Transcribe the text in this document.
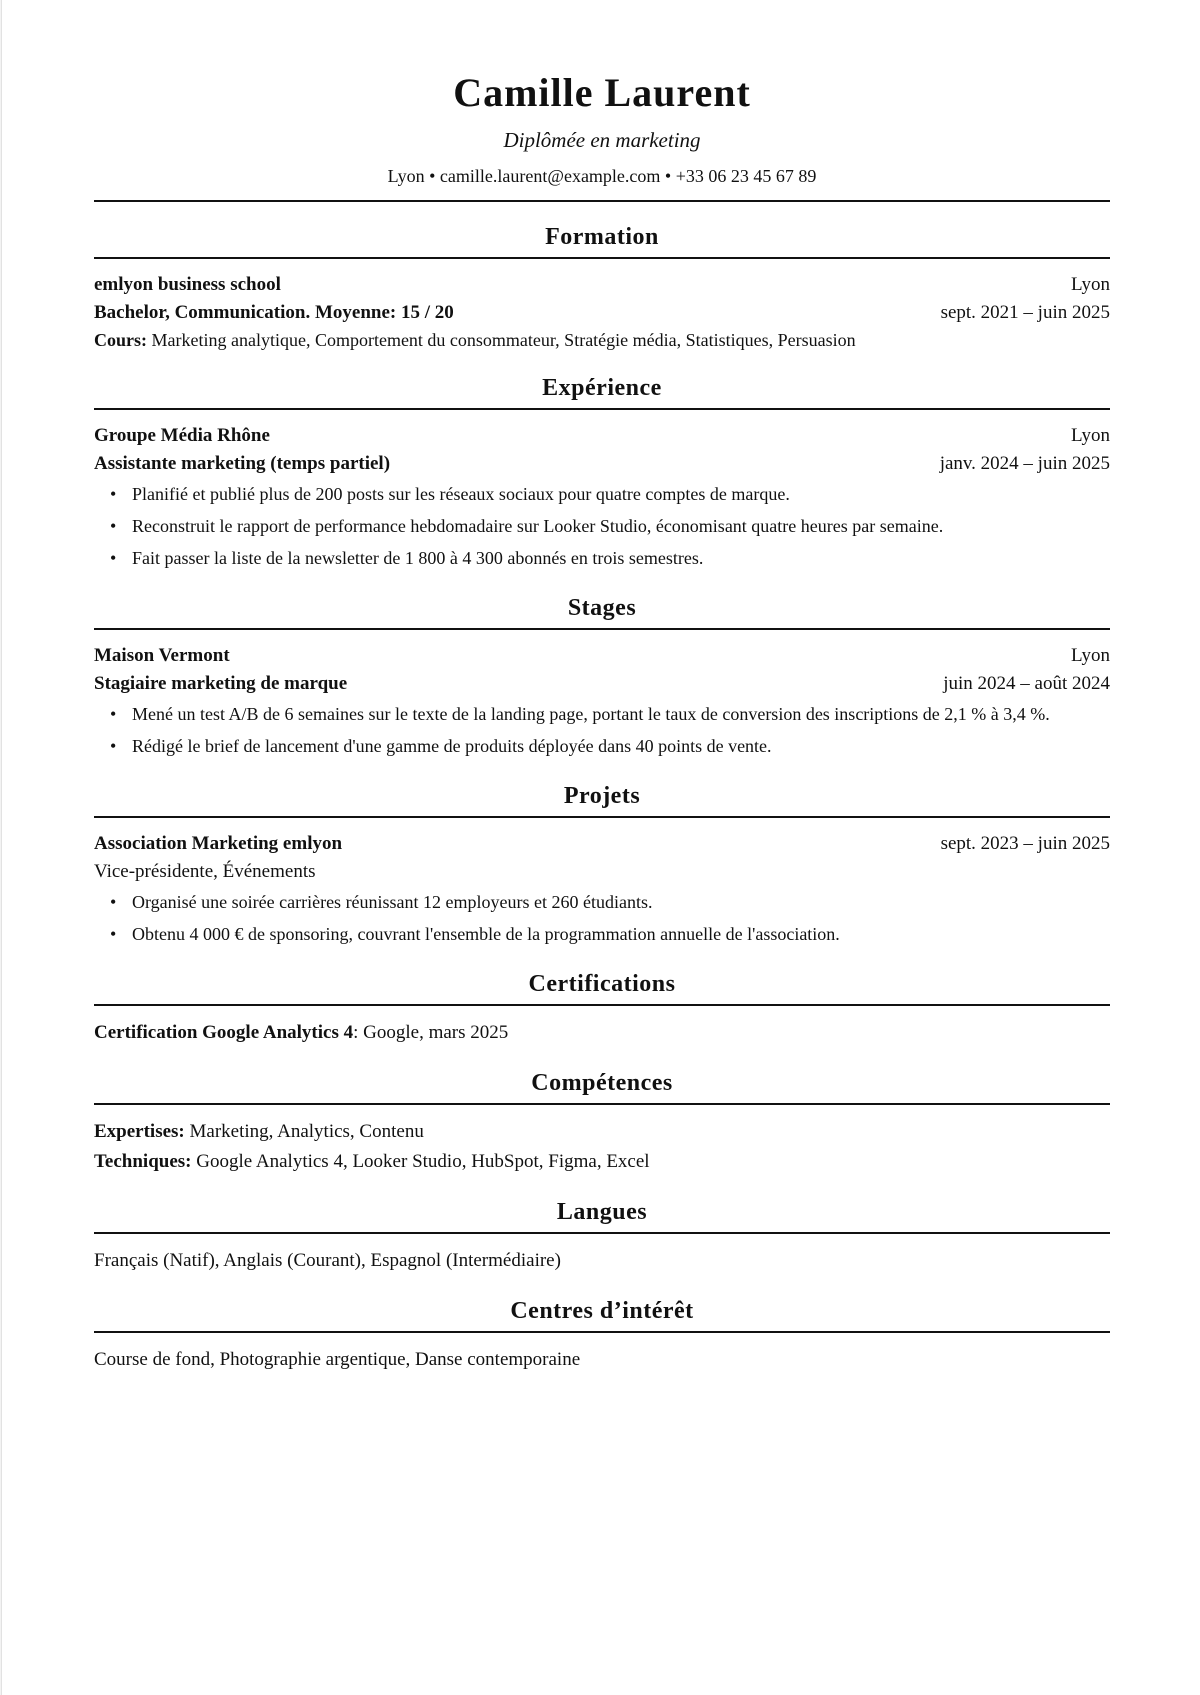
Camille Laurent
Diplômée en marketing
Lyon • camille.laurent@example.com • +33 06 23 45 67 89
Formation
emlyon business school	Lyon
Bachelor, Communication. Moyenne: 15 / 20	sept. 2021 – juin 2025
Cours: Marketing analytique, Comportement du consommateur, Stratégie média, Statistiques, Persuasion
Expérience
Groupe Média Rhône	Lyon
Assistante marketing (temps partiel)	janv. 2024 – juin 2025
• Planifié et publié plus de 200 posts sur les réseaux sociaux pour quatre comptes de marque.
• Reconstruit le rapport de performance hebdomadaire sur Looker Studio, économisant quatre heures par semaine.
• Fait passer la liste de la newsletter de 1 800 à 4 300 abonnés en trois semestres.
Stages
Maison Vermont	Lyon
Stagiaire marketing de marque	juin 2024 – août 2024
• Mené un test A/B de 6 semaines sur le texte de la landing page, portant le taux de conversion des inscriptions de 2,1 % à 3,4 %.
• Rédigé le brief de lancement d'une gamme de produits déployée dans 40 points de vente.
Projets
Association Marketing emlyon	sept. 2023 – juin 2025
Vice-présidente, Événements
• Organisé une soirée carrières réunissant 12 employeurs et 260 étudiants.
• Obtenu 4 000 € de sponsoring, couvrant l'ensemble de la programmation annuelle de l'association.
Certifications
Certification Google Analytics 4: Google, mars 2025
Compétences
Expertises: Marketing, Analytics, Contenu
Techniques: Google Analytics 4, Looker Studio, HubSpot, Figma, Excel
Langues
Français (Natif), Anglais (Courant), Espagnol (Intermédiaire)
Centres d’intérêt
Course de fond, Photographie argentique, Danse contemporaine
